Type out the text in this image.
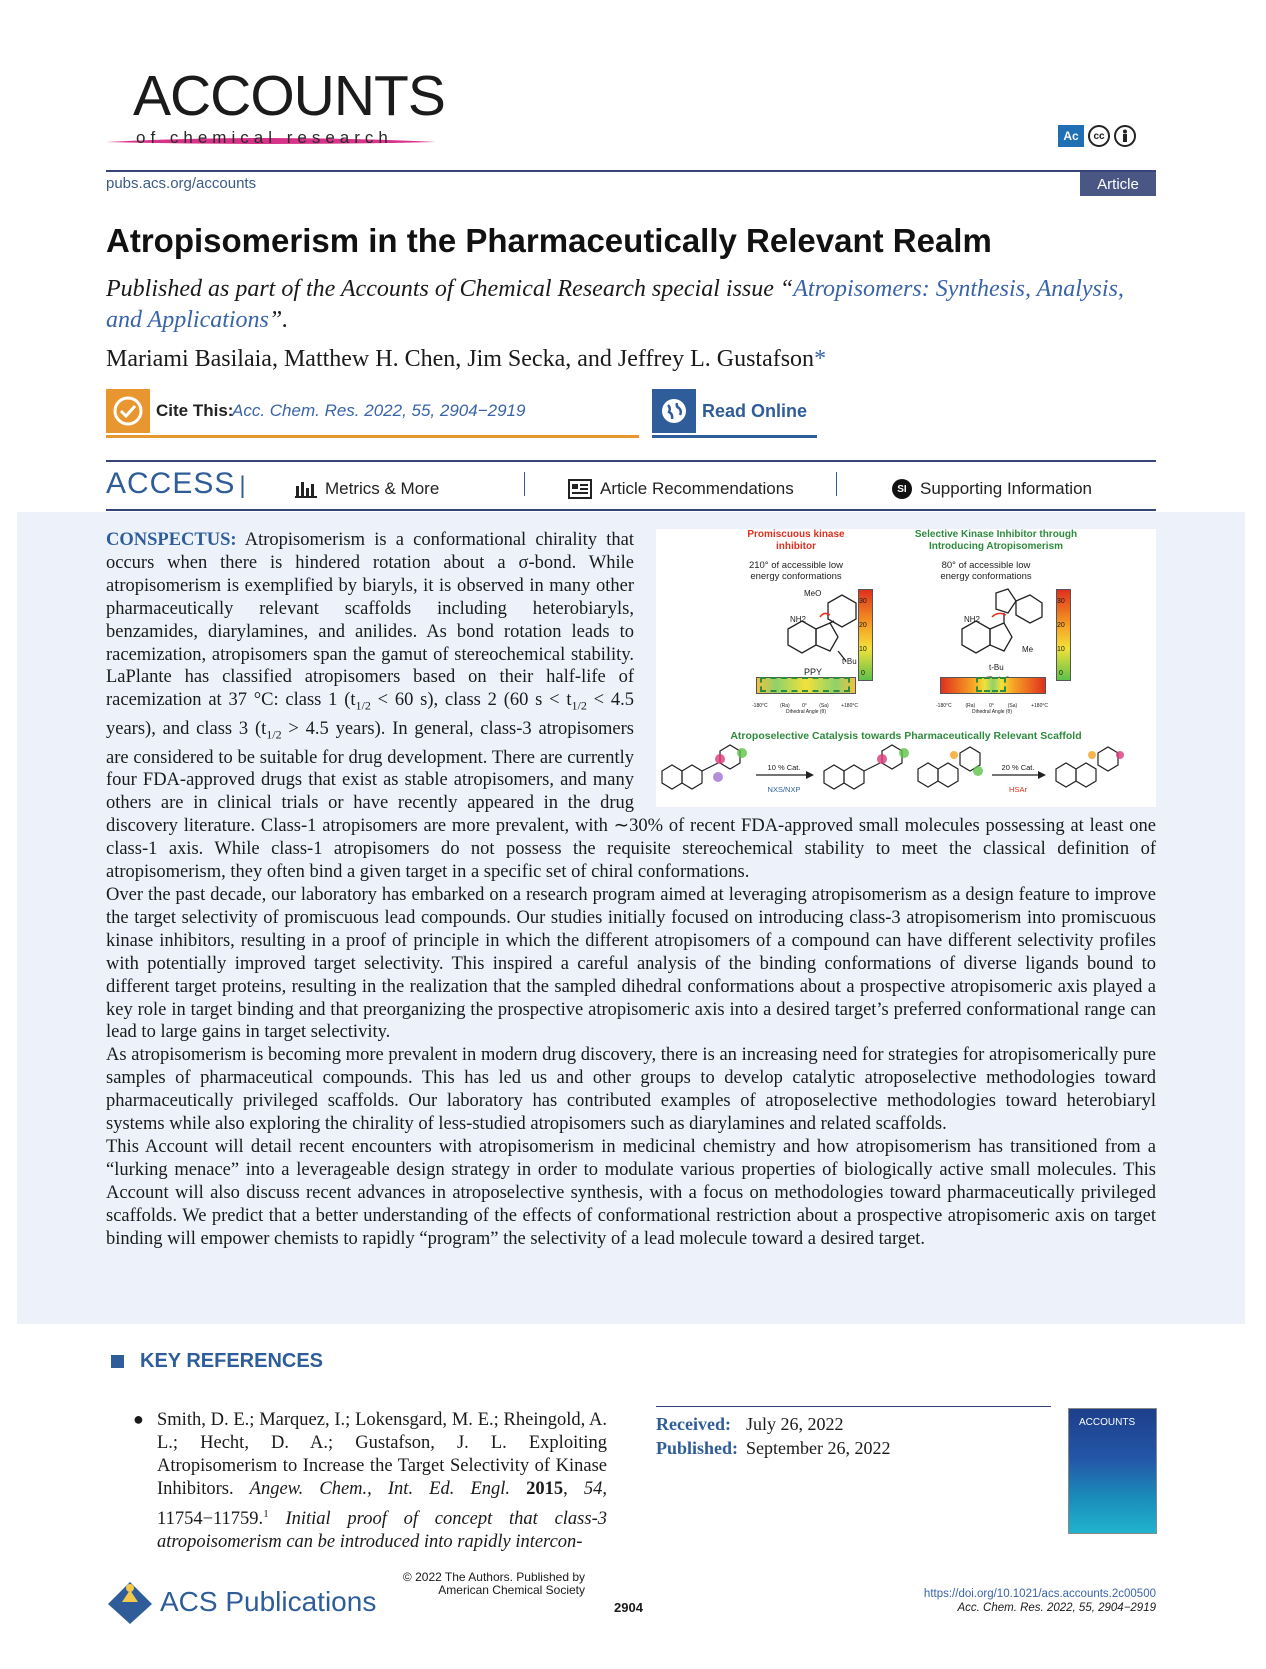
ACCOUNTS
of chemical research	Ac	cc
pubs.acs.org/accounts	Article
Atropisomerism in the Pharmaceutically Relevant Realm
Published as part of the Accounts of Chemical Research special issue “Atropisomers: Synthesis, Analysis, and Applications”.
Mariami Basilaia, Matthew H. Chen, Jim Secka, and Jeffrey L. Gustafson*
Cite This:
Acc. Chem. Res. 2022, 55, 2904−2919	Read Online
ACCESS |	Metrics & More	Article Recommendations	SI Supporting Information
Promiscuous kinase inhibitor
Selective Kinase Inhibitor through Introducing Atropisomerism
210° of accessible low energy conformations
80° of accessible low energy conformations
MeO
NH2
t-Bu
PPY
30
20
10
0
-180°C (Ra) 0° (Sa) +180°C
Dihedral Angle (θ)
NH2
Me
t-Bu
30
20
10
0
-180°C	(Ra)	0°	(Sa)	+180°C
Dihedral Angle (θ)
Atroposelective Catalysis towards Pharmaceutically Relevant Scaffold
10 % Cat.
NXS/NXP
20 % Cat.
HSAr

CONSPECTUS: Atropisomerism is a conformational chirality that occurs when there is hindered rotation about a σ-bond. While atropisomerism is exemplified by biaryls, it is observed in many other pharmaceutically relevant scaffolds including heterobiaryls, benzamides, diarylamines, and anilides. As bond rotation leads to racemization, atropisomers span the gamut of stereochemical stability. LaPlante has classified atropisomers based on their half-life of racemization at 37 °C: class 1 ($t_{1/2} < 60$ s), class 2 (60 $s < t_{1/2} < 4.5$ years), and class 3 ($t_{1/2} > 4.5$ years). In general, class-3 atropisomers are considered to be suitable for drug development. There are currently four FDA-approved drugs that exist as stable atropisomers, and many others are in clinical trials or have recently appeared in the drug discovery literature. Class-1 atropisomers are more prevalent, with ∼30% of recent FDA-approved small molecules possessing at least one class-1 axis. While class-1 atropisomers do not possess the requisite stereochemical stability to meet the classical definition of atropisomerism, they often bind a given target in a specific set of chiral conformations.

Over the past decade, our laboratory has embarked on a research program aimed at leveraging atropisomerism as a design feature to improve the target selectivity of promiscuous lead compounds. Our studies initially focused on introducing class-3 atropisomerism into promiscuous kinase inhibitors, resulting in a proof of principle in which the different atropisomers of a compound can have different selectivity profiles with potentially improved target selectivity. This inspired a careful analysis of the binding conformations of diverse ligands bound to different target proteins, resulting in the realization that the sampled dihedral conformations about a prospective atropisomeric axis played a key role in target binding and that preorganizing the prospective atropisomeric axis into a desired target’s preferred conformational range can lead to large gains in target selectivity.

As atropisomerism is becoming more prevalent in modern drug discovery, there is an increasing need for strategies for atropisomerically pure samples of pharmaceutical compounds. This has led us and other groups to develop catalytic atroposelective methodologies toward pharmaceutically privileged scaffolds. Our laboratory has contributed examples of atroposelective methodologies toward heterobiaryl systems while also exploring the chirality of less-studied atropisomers such as diarylamines and related scaffolds.

This Account will detail recent encounters with atropisomerism in medicinal chemistry and how atropisomerism has transitioned from a “lurking menace” into a leverageable design strategy in order to modulate various properties of biologically active small molecules. This Account will also discuss recent advances in atroposelective synthesis, with a focus on methodologies toward pharmaceutically privileged scaffolds. We predict that a better understanding of the effects of conformational restriction about a prospective atropisomeric axis on target binding will empower chemists to rapidly “program” the selectivity of a lead molecule toward a desired target.

KEY REFERENCES
● Smith, D. E.; Marquez, I.; Lokensgard, M. E.; Rheingold, A. L.; Hecht, D. A.; Gustafson, J. L. Exploiting Atropisomerism to Increase the Target Selectivity of Kinase Inhibitors. Angew. Chem., Int. Ed. Engl. 2015, 54, 11754−11759.$^1$ Initial proof of concept that class-3 atropoisomerism can be introduced into rapidly intercon-
Received: July 26, 2022
Published: September 26, 2022
ACCOUNTS
ACS Publications
© 2022 The Authors. Published by
American Chemical Society
2904
https://doi.org/10.1021/acs.accounts.2c00500
Acc. Chem. Res. 2022, 55, 2904−2919
